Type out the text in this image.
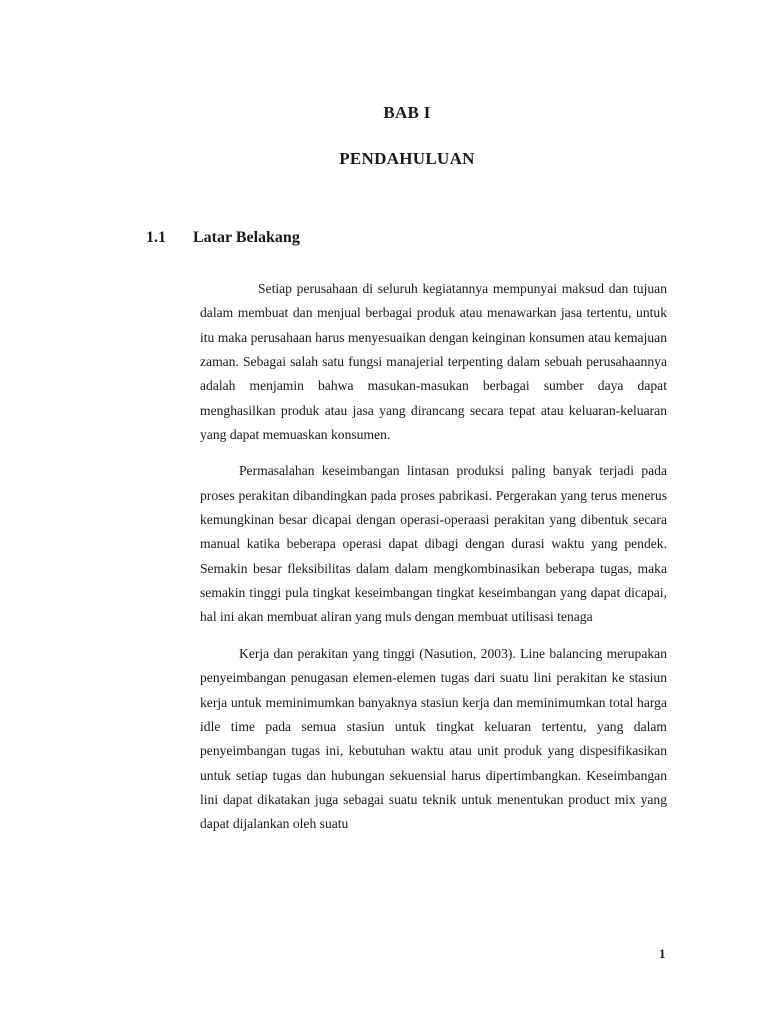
BAB I
PENDAHULUAN
1.1 Latar Belakang

Setiap perusahaan di seluruh kegiatannya mempunyai maksud dan tujuan dalam membuat dan menjual berbagai produk atau menawarkan jasa tertentu, untuk itu maka perusahaan harus menyesuaikan dengan keinginan konsumen atau kemajuan zaman. Sebagai salah satu fungsi manajerial terpenting dalam sebuah perusahaannya adalah menjamin bahwa masukan-masukan berbagai sumber daya dapat menghasilkan produk atau jasa yang dirancang secara tepat atau keluaran-keluaran yang dapat memuaskan konsumen.

Permasalahan keseimbangan lintasan produksi paling banyak terjadi pada proses perakitan dibandingkan pada proses pabrikasi. Pergerakan yang terus menerus kemungkinan besar dicapai dengan operasi-operaasi perakitan yang dibentuk secara manual katika beberapa operasi dapat dibagi dengan durasi waktu yang pendek. Semakin besar fleksibilitas dalam dalam mengkombinasikan beberapa tugas, maka semakin tinggi pula tingkat keseimbangan tingkat keseimbangan yang dapat dicapai, hal ini akan membuat aliran yang muls dengan membuat utilisasi tenaga

Kerja dan perakitan yang tinggi (Nasution, 2003). Line balancing merupakan penyeimbangan penugasan elemen-elemen tugas dari suatu lini perakitan ke stasiun kerja untuk meminimumkan banyaknya stasiun kerja dan meminimumkan total harga idle time pada semua stasiun untuk tingkat keluaran tertentu, yang dalam penyeimbangan tugas ini, kebutuhan waktu atau unit produk yang dispesifikasikan untuk setiap tugas dan hubungan sekuensial harus dipertimbangkan. Keseimbangan lini dapat dikatakan juga sebagai suatu teknik untuk menentukan product mix yang dapat dijalankan oleh suatu

1
